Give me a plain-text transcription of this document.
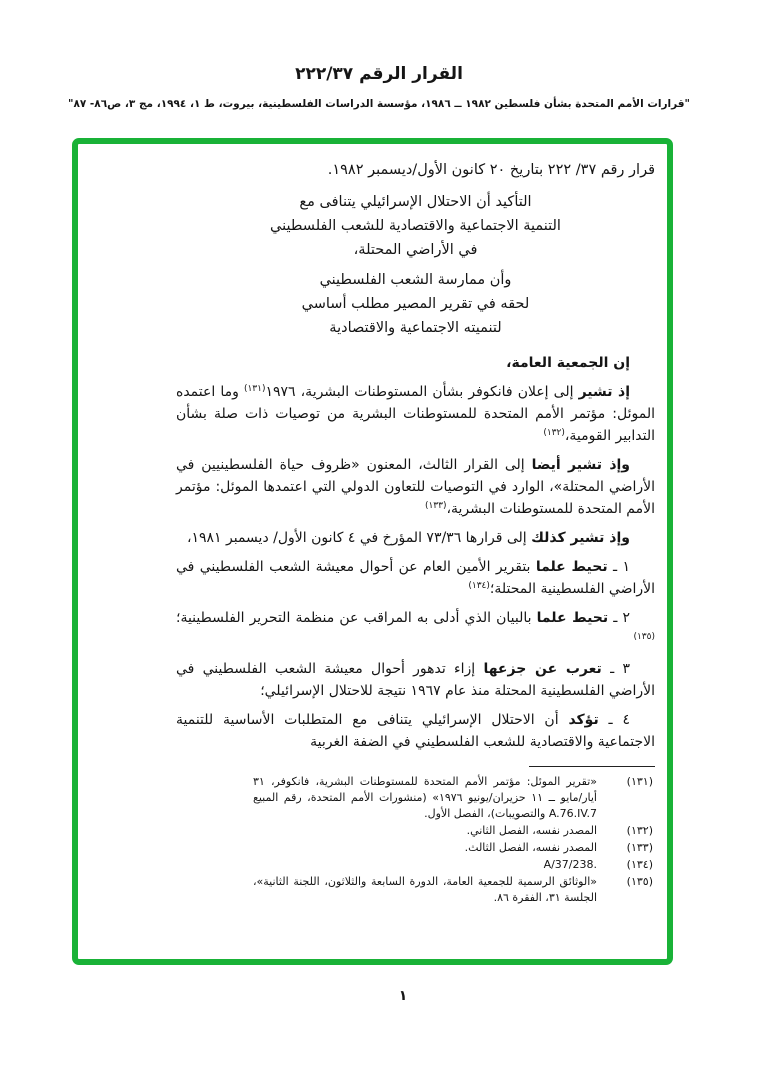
القرار الرقم ٢٢٢/٣٧
"قرارات الأمم المتحدة بشأن فلسطين ١٩٨٢ ــ ١٩٨٦، مؤسسة الدراسات الفلسطينية، بيروت، ط ١، ١٩٩٤، مج ٣، ص٨٦- ٨٧"
قرار رقم ٣٧/ ٢٢٢ بتاريخ ٢٠ كانون الأول/ديسمبر ١٩٨٢.
التأكيد أن الاحتلال الإسرائيلي يتنافى مع
التنمية الاجتماعية والاقتصادية للشعب الفلسطيني
في الأراضي المحتلة،
وأن ممارسة الشعب الفلسطيني
لحقه في تقرير المصير مطلب أساسي
لتنميته الاجتماعية والاقتصادية
إن الجمعية العامة،
إذ تشير إلى إعلان فانكوفر بشأن المستوطنات البشرية، ١٩٧٦$^{(١٣١)}$ وما اعتمده الموئل: مؤتمر الأمم المتحدة للمستوطنات البشرية من توصيات ذات صلة بشأن التدابير القومية،$^{(١٣٢)}$
وإذ تشير أيضا إلى القرار الثالث، المعنون «ظروف حياة الفلسطينيين في الأراضي المحتلة»، الوارد في التوصيات للتعاون الدولي التي اعتمدها الموئل: مؤتمر الأمم المتحدة للمستوطنات البشرية،$^{(١٣٣)}$
وإذ تشير كذلك إلى قرارها ٧٣/٣٦ المؤرخ في ٤ كانون الأول/ ديسمبر ١٩٨١،
١ ـ تحيط علما بتقرير الأمين العام عن أحوال معيشة الشعب الفلسطيني في الأراضي الفلسطينية المحتلة؛$^{(١٣٤)}$
٢ ـ تحيط علما بالبيان الذي أدلى به المراقب عن منظمة التحرير الفلسطينية؛$^{(١٣٥)}$
٣ ـ تعرب عن جزعها إزاء تدهور أحوال معيشة الشعب الفلسطيني في الأراضي الفلسطينية المحتلة منذ عام ١٩٦٧ نتيجة للاحتلال الإسرائيلي؛
٤ ـ تؤكد أن الاحتلال الإسرائيلي يتنافى مع المتطلبات الأساسية للتنمية الاجتماعية والاقتصادية للشعب الفلسطيني في الضفة الغربية
(١٣١)
«تقرير الموئل: مؤتمر الأمم المتحدة للمستوطنات البشرية، فانكوفر، ٣١ أيار/مايو ــ ١١ حزيران/يونيو ١٩٧٦» (منشورات الأمم المتحدة، رقم المبيع A.76.IV.7 والتصويبات)، الفصل الأول.
(١٣٢)
المصدر نفسه، الفصل الثاني.
(١٣٣)
المصدر نفسه، الفصل الثالث.
(١٣٤)
A/37/238.
(١٣٥)
«الوثائق الرسمية للجمعية العامة، الدورة السابعة والثلاثون، اللجنة الثانية»، الجلسة ٣١، الفقرة ٨٦.
١
